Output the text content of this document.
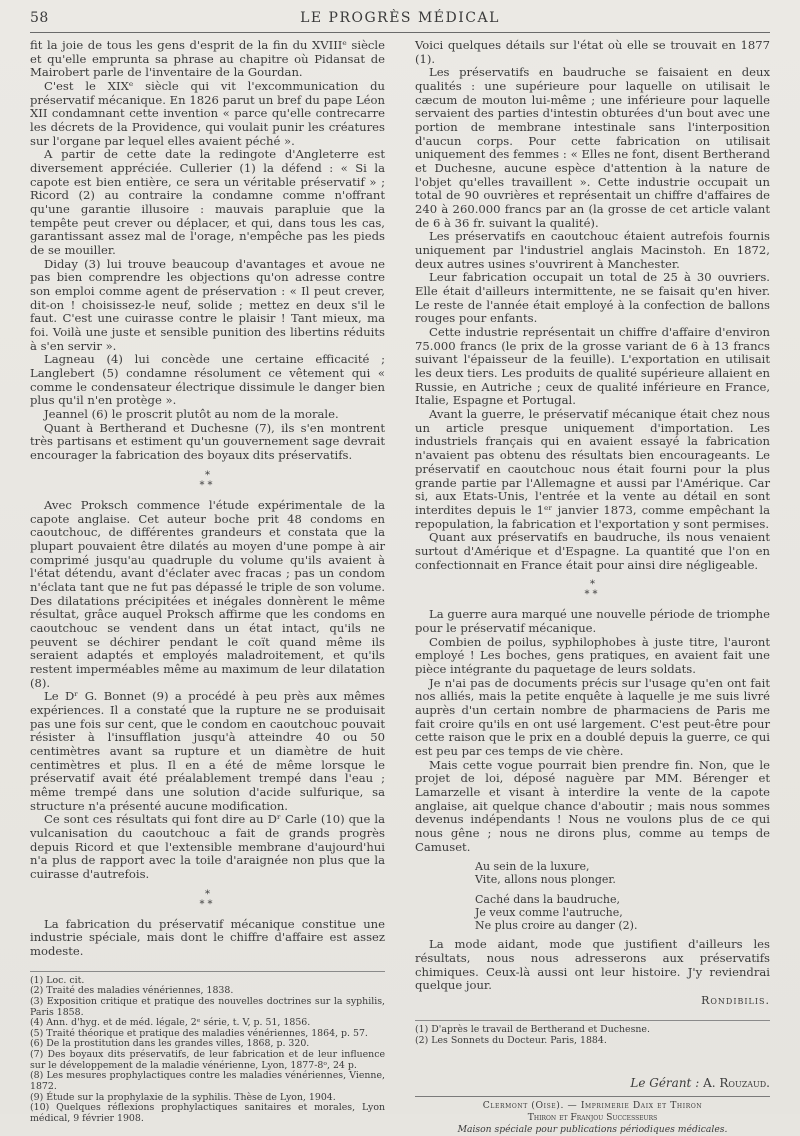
58	LE PROGRÈS MÉDICAL

fit la joie de tous les gens d'esprit de la fin du XVIIIᵉ siècle et qu'elle emprunta sa phrase au chapitre où Pidansat de Mairobert parle de l'inventaire de la Gourdan.

C'est le XIXᵉ siècle qui vit l'excommunication du préservatif mécanique. En 1826 parut un bref du pape Léon XII condamnant cette invention « parce qu'elle contrecarre les décrets de la Providence, qui voulait punir les créatures sur l'organe par lequel elles avaient péché ».

A partir de cette date la redingote d'Angleterre est diversement appréciée. Cullerier (1) la défend : « Si la capote est bien entière, ce sera un véritable préservatif » ; Ricord (2) au contraire la condamne comme n'offrant qu'une garantie illusoire : mauvais parapluie que la tempête peut crever ou déplacer, et qui, dans tous les cas, garantissant assez mal de l'orage, n'empêche pas les pieds de se mouiller.

Diday (3) lui trouve beaucoup d'avantages et avoue ne pas bien comprendre les objections qu'on adresse contre son emploi comme agent de préservation : « Il peut crever, dit-on ! choisissez-le neuf, solide ; mettez en deux s'il le faut. C'est une cuirasse contre le plaisir ! Tant mieux, ma foi. Voilà une juste et sensible punition des libertins réduits à s'en servir ».

Lagneau (4) lui concède une certaine efficacité ; Langlebert (5) condamne résolument ce vêtement qui « comme le condensateur électrique dissimule le danger bien plus qu'il n'en protège ».

Jeannel (6) le proscrit plutôt au nom de la morale.

Quant à Bertherand et Duchesne (7), ils s'en montrent très partisans et estiment qu'un gouvernement sage devrait encourager la fabrication des boyaux dits préservatifs.

*
**

Avec Proksch commence l'étude expérimentale de la capote anglaise. Cet auteur boche prit 48 condoms en caoutchouc, de différentes grandeurs et constata que la plupart pouvaient être dilatés au moyen d'une pompe à air comprimé jusqu'au quadruple du volume qu'ils avaient à l'état détendu, avant d'éclater avec fracas ; pas un condom n'éclata tant que ne fut pas dépassé le triple de son volume. Des dilatations précipitées et inégales donnèrent le même résultat, grâce auquel Proksch affirme que les condoms en caoutchouc se vendent dans un état intact, qu'ils ne peuvent se déchirer pendant le coït quand même ils seraient adaptés et employés maladroitement, et qu'ils restent imperméables même au maximum de leur dilatation (8).

Le Dʳ G. Bonnet (9) a procédé à peu près aux mêmes expériences. Il a constaté que la rupture ne se produisait pas une fois sur cent, que le condom en caoutchouc pouvait résister à l'insufflation jusqu'à atteindre 40 ou 50 centimètres avant sa rupture et un diamètre de huit centimètres et plus. Il en a été de même lorsque le préservatif avait été préalablement trempé dans l'eau ; même trempé dans une solution d'acide sulfurique, sa structure n'a présenté aucune modification.

Ce sont ces résultats qui font dire au Dʳ Carle (10) que la vulcanisation du caoutchouc a fait de grands progrès depuis Ricord et que l'extensible membrane d'aujourd'hui n'a plus de rapport avec la toile d'araignée non plus que la cuirasse d'autrefois.

*
**

La fabrication du préservatif mécanique constitue une industrie spéciale, mais dont le chiffre d'affaire est assez modeste.

(1) Loc. cit.
(2) Traité des maladies vénériennes, 1838.
(3) Exposition critique et pratique des nouvelles doctrines sur la syphilis, Paris 1858.
(4) Ann. d'hyg. et de méd. légale, 2ᵉ série, t. V, p. 51, 1856.
(5) Traité théorique et pratique des maladies vénériennes, 1864, p. 57.
(6) De la prostitution dans les grandes villes, 1868, p. 320.
(7) Des boyaux dits préservatifs, de leur fabrication et de leur influence sur le développement de la maladie vénérienne, Lyon, 1877-8ᵒ, 24 p.
(8) Les mesures prophylactiques contre les maladies vénériennes, Vienne, 1872.
(9) Étude sur la prophylaxie de la syphilis. Thèse de Lyon, 1904.
(10) Quelques réflexions prophylactiques sanitaires et morales, Lyon médical, 9 février 1908.

Voici quelques détails sur l'état où elle se trouvait en 1877 (1).

Les préservatifs en baudruche se faisaient en deux qualités : une supérieure pour laquelle on utilisait le cæcum de mouton lui-même ; une inférieure pour laquelle servaient des parties d'intestin obturées d'un bout avec une portion de membrane intestinale sans l'interposition d'aucun corps. Pour cette fabrication on utilisait uniquement des femmes : « Elles ne font, disent Bertherand et Duchesne, aucune espèce d'attention à la nature de l'objet qu'elles travaillent ». Cette industrie occupait un total de 90 ouvrières et représentait un chiffre d'affaires de 240 à 260.000 francs par an (la grosse de cet article valant de 6 à 36 fr. suivant la qualité).

Les préservatifs en caoutchouc étaient autrefois fournis uniquement par l'industriel anglais Macinstoh. En 1872, deux autres usines s'ouvrirent à Manchester.

Leur fabrication occupait un total de 25 à 30 ouvriers. Elle était d'ailleurs intermittente, ne se faisait qu'en hiver. Le reste de l'année était employé à la confection de ballons rouges pour enfants.

Cette industrie représentait un chiffre d'affaire d'environ 75.000 francs (le prix de la grosse variant de 6 à 13 francs suivant l'épaisseur de la feuille). L'exportation en utilisait les deux tiers. Les produits de qualité supérieure allaient en Russie, en Autriche ; ceux de qualité inférieure en France, Italie, Espagne et Portugal.

Avant la guerre, le préservatif mécanique était chez nous un article presque uniquement d'importation. Les industriels français qui en avaient essayé la fabrication n'avaient pas obtenu des résultats bien encourageants. Le préservatif en caoutchouc nous était fourni pour la plus grande partie par l'Allemagne et aussi par l'Amérique. Car si, aux Etats-Unis, l'entrée et la vente au détail en sont interdites depuis le 1ᵉʳ janvier 1873, comme empêchant la repopulation, la fabrication et l'exportation y sont permises.

Quant aux préservatifs en baudruche, ils nous venaient surtout d'Amérique et d'Espagne. La quantité que l'on en confectionnait en France était pour ainsi dire négligeable.

*
**

La guerre aura marqué une nouvelle période de triomphe pour le préservatif mécanique.

Combien de poilus, syphilophobes à juste titre, l'auront employé ! Les boches, gens pratiques, en avaient fait une pièce intégrante du paquetage de leurs soldats.

Je n'ai pas de documents précis sur l'usage qu'en ont fait nos alliés, mais la petite enquête à laquelle je me suis livré auprès d'un certain nombre de pharmaciens de Paris me fait croire qu'ils en ont usé largement. C'est peut-être pour cette raison que le prix en a doublé depuis la guerre, ce qui est peu par ces temps de vie chère.

Mais cette vogue pourrait bien prendre fin. Non, que le projet de loi, déposé naguère par MM. Bérenger et Lamarzelle et visant à interdire la vente de la capote anglaise, ait quelque chance d'aboutir ; mais nous sommes devenus indépendants ! Nous ne voulons plus de ce qui nous gêne ; nous ne dirons plus, comme au temps de Camuset.

Au sein de la luxure,
Vite, allons nous plonger.
Caché dans la baudruche,
Je veux comme l'autruche,
Ne plus croire au danger (2).

La mode aidant, mode que justifient d'ailleurs les résultats, nous nous adresserons aux préservatifs chimiques. Ceux-là aussi ont leur histoire. J'y reviendrai quelque jour.

Rondibilis.
(1) D'après le travail de Bertherand et Duchesne.
(2) Les Sonnets du Docteur. Paris, 1884.
Le Gérant : A. Rouzaud.
Clermont (Oise). — Imprimerie Daix et Thiron
Thiron et Franjou Successeurs
Maison spéciale pour publications périodiques médicales.
